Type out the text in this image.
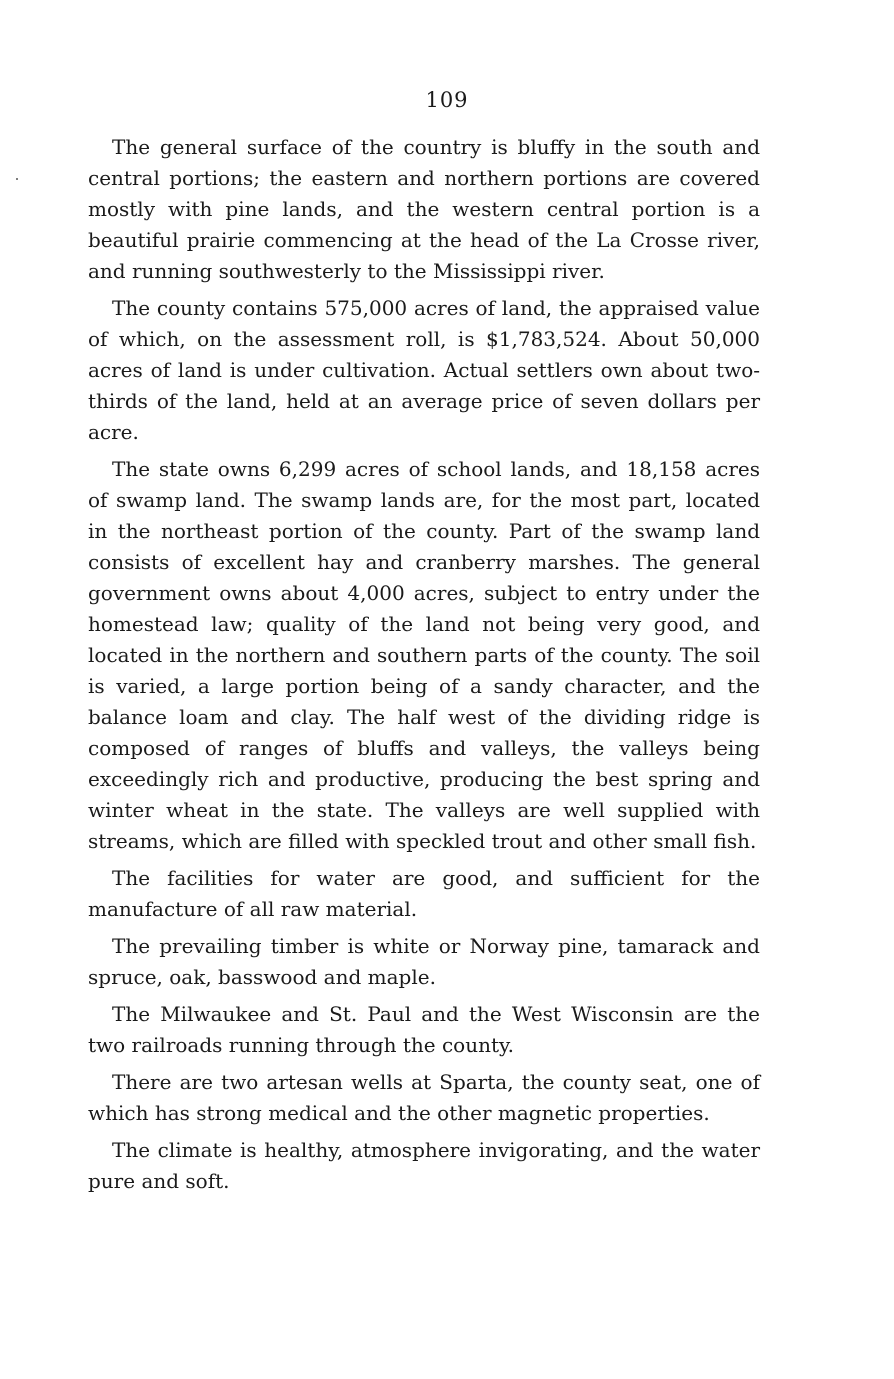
109

The general surface of the country is bluffy in the south and central portions; the eastern and northern portions are covered mostly with pine lands, and the western central portion is a beautiful prairie commencing at the head of the La Crosse river, and running southwesterly to the Mississippi river.

The county contains 575,000 acres of land, the appraised value of which, on the assessment roll, is $1,783,524. About 50,000 acres of land is under cultivation. Actual settlers own about two-thirds of the land, held at an average price of seven dollars per acre.

The state owns 6,299 acres of school lands, and 18,158 acres of swamp land. The swamp lands are, for the most part, located in the northeast portion of the county. Part of the swamp land consists of excellent hay and cranberry marshes. The general government owns about 4,000 acres, subject to entry under the homestead law; quality of the land not being very good, and located in the northern and southern parts of the county. The soil is varied, a large portion being of a sandy character, and the balance loam and clay. The half west of the dividing ridge is composed of ranges of bluffs and valleys, the valleys being exceedingly rich and productive, producing the best spring and winter wheat in the state. The valleys are well supplied with streams, which are filled with speckled trout and other small fish.

The facilities for water are good, and sufficient for the manufacture of all raw material.

The prevailing timber is white or Norway pine, tamarack and spruce, oak, basswood and maple.

The Milwaukee and St. Paul and the West Wisconsin are the two railroads running through the county.

There are two artesan wells at Sparta, the county seat, one of which has strong medical and the other magnetic properties.

The climate is healthy, atmosphere invigorating, and the water pure and soft.
